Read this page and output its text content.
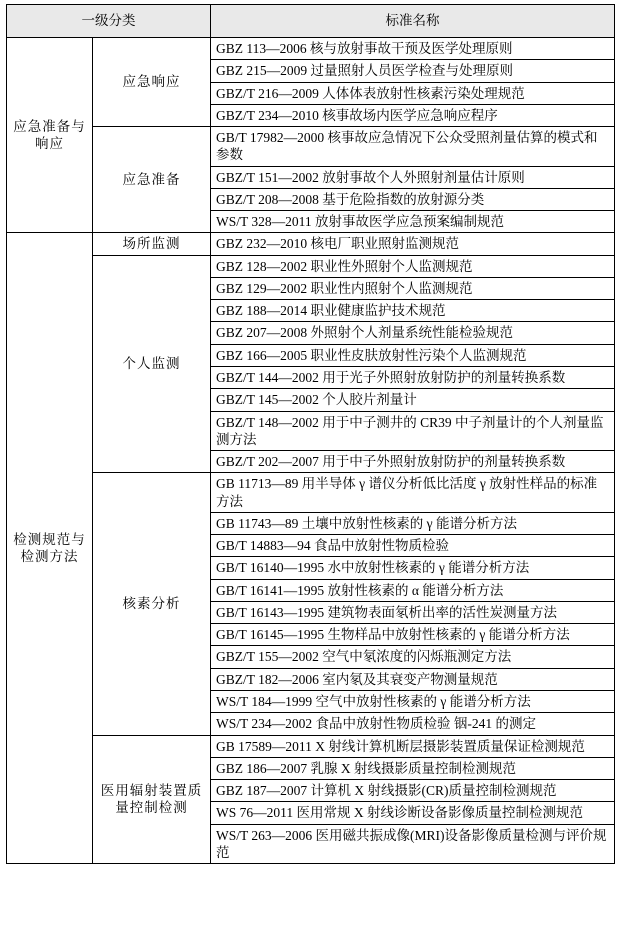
一级分类		标准名称

应急准备与响应	应急响应	GBZ 113—2006 核与放射事故干预及医学处理原则
		GBZ 215—2009 过量照射人员医学检查与处理原则
		GBZ/T 216—2009 人体体表放射性核素污染处理规范
		GBZ/T 234—2010 核事故场内医学应急响应程序

	应急准备	GB/T 17982—2000 核事故应急情况下公众受照剂量估算的模式和参数
		GBZ/T 151—2002 放射事故个人外照射剂量估计原则
		GBZ/T 208—2008 基于危险指数的放射源分类
		WS/T 328—2011 放射事故医学应急预案编制规范

检测规范与检测方法	场所监测	GBZ 232—2010 核电厂职业照射监测规范

	个人监测	GBZ 128—2002 职业性外照射个人监测规范
		GBZ 129—2002 职业性内照射个人监测规范
		GBZ 188—2014 职业健康监护技术规范
		GBZ 207—2008 外照射个人剂量系统性能检验规范
		GBZ 166—2005 职业性皮肤放射性污染个人监测规范
		GBZ/T 144—2002 用于光子外照射放射防护的剂量转换系数
		GBZ/T 145—2002 个人胶片剂量计
		GBZ/T 148—2002 用于中子测井的 CR39 中子剂量计的个人剂量监测方法
		GBZ/T 202—2007 用于中子外照射放射防护的剂量转换系数

	核素分析	GB 11713—89 用半导体 γ 谱仪分析低比活度 γ 放射性样品的标准方法
		GB 11743—89 土壤中放射性核素的 γ 能谱分析方法
		GB/T 14883—94 食品中放射性物质检验
		GB/T 16140—1995 水中放射性核素的 γ 能谱分析方法
		GB/T 16141—1995 放射性核素的 α 能谱分析方法
		GB/T 16143—1995 建筑物表面氡析出率的活性炭测量方法
		GB/T 16145—1995 生物样品中放射性核素的 γ 能谱分析方法
		GBZ/T 155—2002 空气中氡浓度的闪烁瓶测定方法
		GBZ/T 182—2006 室内氡及其衰变产物测量规范
		WS/T 184—1999 空气中放射性核素的 γ 能谱分析方法
		WS/T 234—2002 食品中放射性物质检验 铟-241 的测定

	医用辐射装置质量控制检测	GB 17589—2011 X 射线计算机断层摄影装置质量保证检测规范
		GBZ 186—2007 乳腺 X 射线摄影质量控制检测规范
		GBZ 187—2007 计算机 X 射线摄影(CR)质量控制检测规范
		WS 76—2011 医用常规 X 射线诊断设备影像质量控制检测规范
		WS/T 263—2006 医用磁共振成像(MRI)设备影像质量检测与评价规范
